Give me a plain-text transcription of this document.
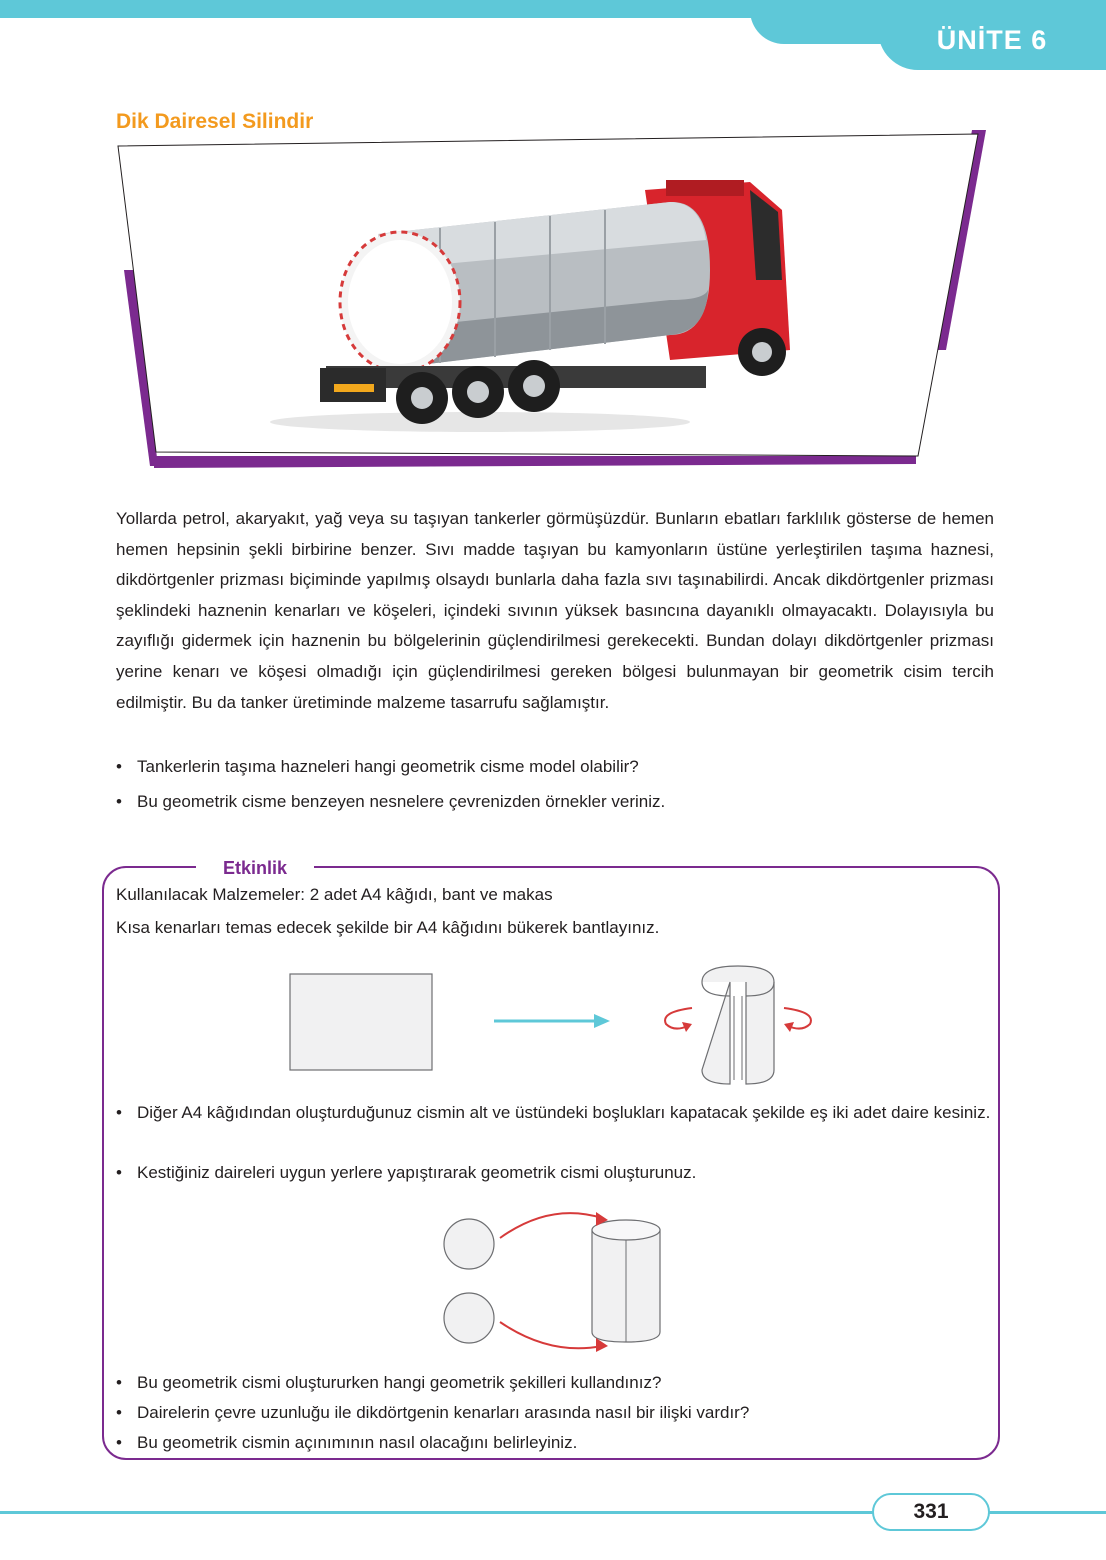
ÜNİTE 6
Dik Dairesel Silindir
Yollarda petrol, akaryakıt, yağ veya su taşıyan tankerler görmüşüzdür. Bunların ebatları farklılık gösterse de hemen hemen hepsinin şekli birbirine benzer. Sıvı madde taşıyan bu kamyonların üstüne yerleştirilen taşıma haznesi, dikdörtgenler prizması biçiminde yapılmış olsaydı bunlarla daha fazla sıvı taşınabilirdi. Ancak dikdörtgenler prizması şeklindeki haznenin kenarları ve köşeleri, içindeki sıvının yüksek basıncına dayanıklı olmayacaktı. Dolayısıyla bu zayıflığı gidermek için haznenin bu bölgelerinin güçlendirilmesi gerekecekti. Bundan dolayı dikdörtgenler prizması yerine kenarı ve köşesi olmadığı için güçlendirilmesi gereken bölgesi bulunmayan bir geometrik cisim tercih edilmiştir. Bu da tanker üretiminde malzeme tasarrufu sağlamıştır.
• Tankerlerin taşıma hazneleri hangi geometrik cisme model olabilir?
• Bu geometrik cisme benzeyen nesnelere çevrenizden örnekler veriniz.
Etkinlik
Kullanılacak Malzemeler: 2 adet A4 kâğıdı, bant ve makas
Kısa kenarları temas edecek şekilde bir A4 kâğıdını bükerek bantlayınız.
• Diğer A4 kâğıdından oluşturduğunuz cismin alt ve üstündeki boşlukları kapatacak şekilde eş iki adet daire kesiniz.
• Kestiğiniz daireleri uygun yerlere yapıştırarak geometrik cismi oluşturunuz.
• Bu geometrik cismi oluştururken hangi geometrik şekilleri kullandınız?
• Dairelerin çevre uzunluğu ile dikdörtgenin kenarları arasında nasıl bir ilişki vardır?
• Bu geometrik cismin açınımının nasıl olacağını belirleyiniz.
331
